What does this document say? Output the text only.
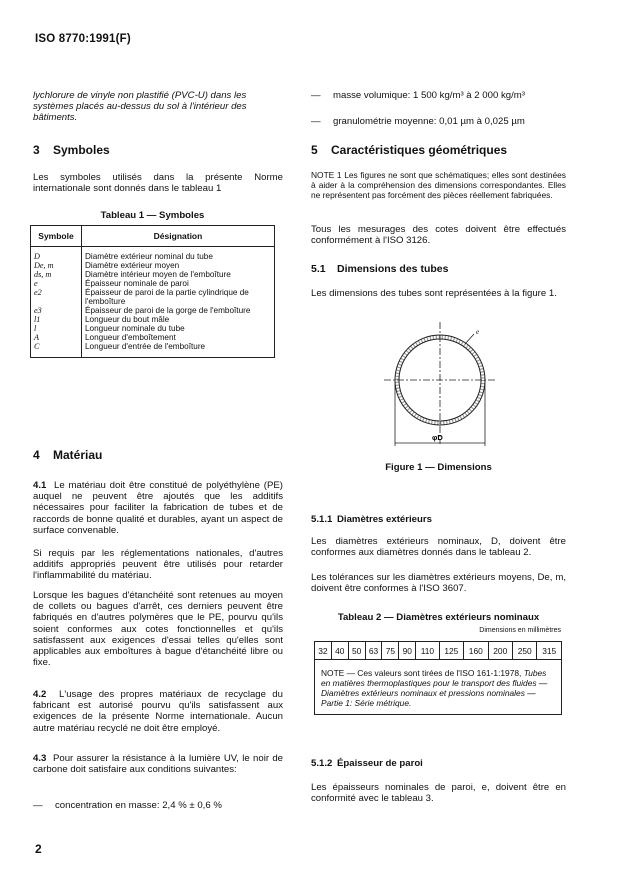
ISO 8770:1991(F)
lychlorure de vinyle non plastifié (PVC-U) dans les systèmes placés au-dessus du sol à l'intérieur des bâtiments.
3 Symboles

Les symboles utilisés dans la présente Norme internationale sont donnés dans le tableau 1

Tableau 1 — Symboles
Symbole	Désignation
D	Diamètre extérieur nominal du tube
De, m	Diamètre extérieur moyen
ds, m	Diamètre intérieur moyen de l'emboîture
e	Épaisseur nominale de paroi
e2	Épaisseur de paroi de la partie cylindrique de l'emboîture
e3	Épaisseur de paroi de la gorge de l'emboîture
l1	Longueur du bout mâle
l	Longueur nominale du tube
A	Longueur d'emboîtement
C	Longueur d'entrée de l'emboîture
4 Matériau

4.1 Le matériau doit être constitué de polyéthylène (PE) auquel ne peuvent être ajoutés que les additifs nécessaires pour faciliter la fabrication de tubes et de raccords de bonne qualité et durables, ayant un aspect de surface convenable.

Si requis par les réglementations nationales, d'autres additifs appropriés peuvent être utilisés pour retarder l'inflammabilité du matériau.

Lorsque les bagues d'étanchéité sont retenues au moyen de collets ou bagues d'arrêt, ces derniers peuvent être fabriqués en d'autres polymères que le PE, pourvu qu'ils soient conformes aux cotes fonctionnelles et qu'ils satisfassent aux exigences d'essai telles qu'elles sont applicables aux emboîtures à bague d'étanchéité libre ou fixe.

4.2 L'usage des propres matériaux de recyclage du fabricant est autorisé pourvu qu'ils satisfassent aux exigences de la présente Norme internationale. Aucun autre matériau recyclé ne doit être employé.

4.3 Pour assurer la résistance à la lumière UV, le noir de carbone doit satisfaire aux conditions suivantes:

— concentration en masse: 2,4 % ± 0,6 %
2
— masse volumique: 1 500 kg/m³ à 2 000 kg/m³
— granulométrie moyenne: 0,01 µm à 0,025 µm
5 Caractéristiques géométriques

NOTE 1 Les figures ne sont que schématiques; elles sont destinées à aider à la compréhension des dimensions correspondantes. Elles ne représentent pas forcément des pièces réellement fabriquées.

Tous les mesurages des cotes doivent être effectués conformément à l'ISO 3126.

5.1 Dimensions des tubes

Les dimensions des tubes sont représentées à la figure 1.

e
φD
Figure 1 — Dimensions
5.1.1 Diamètres extérieurs

Les diamètres extérieurs nominaux, D, doivent être conformes aux diamètres donnés dans le tableau 2.

Les tolérances sur les diamètres extérieurs moyens, De, m, doivent être conformes à l'ISO 3607.

Tableau 2 — Diamètres extérieurs nominaux
Dimensions en millimètres
32	40	50	63	75	90	110	125	160	200	250	315
NOTE — Ces valeurs sont tirées de l'ISO 161-1:1978, Tubes en matières thermoplastiques pour le transport des fluides — Diamètres extérieurs nominaux et pressions nominales — Partie 1: Série métrique.
5.1.2 Épaisseur de paroi

Les épaisseurs nominales de paroi, e, doivent être en conformité avec le tableau 3.
